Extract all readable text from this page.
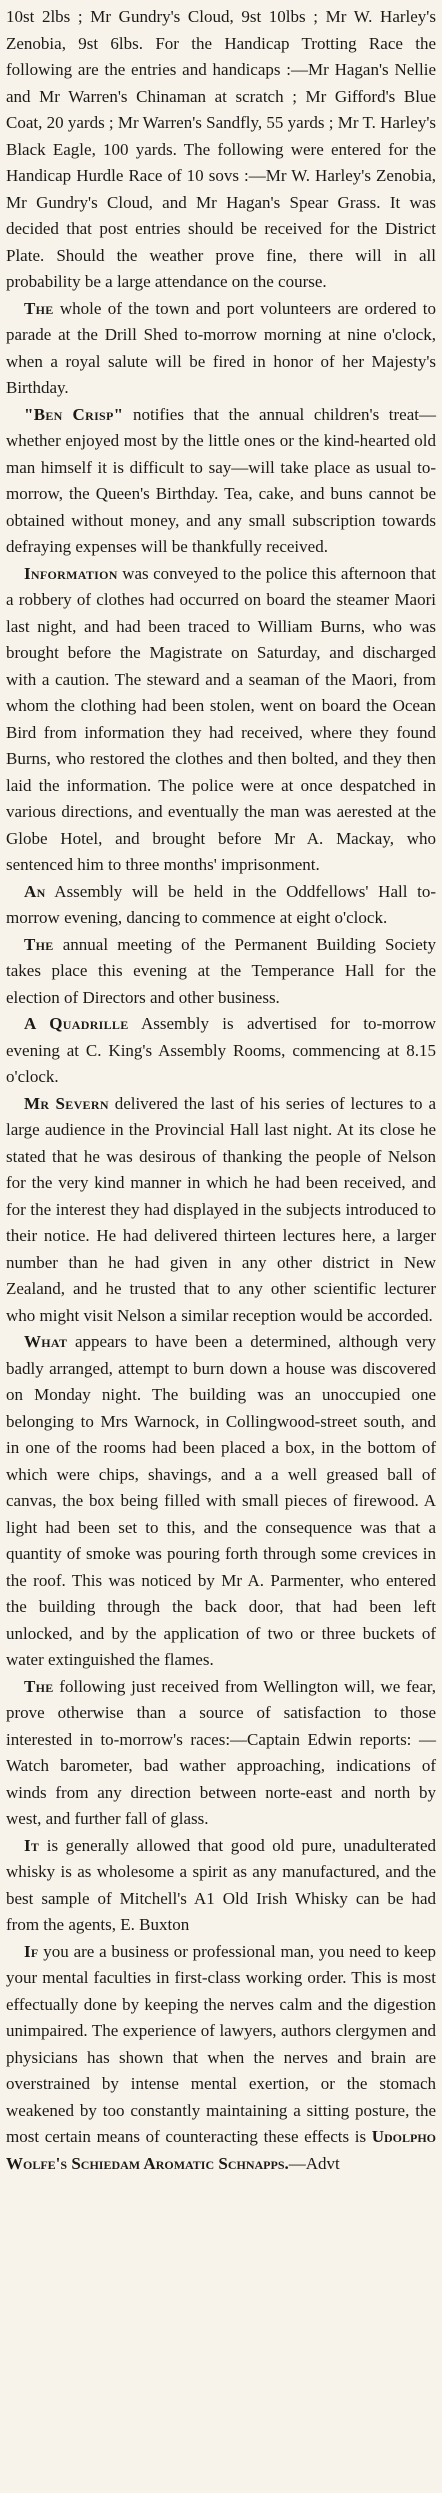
10st 2lbs ; Mr Gundry's Cloud, 9st 10lbs ; Mr W. Harley's Zenobia, 9st 6lbs. For the Handicap Trotting Race the following are the entries and handicaps :—Mr Hagan's Nellie and Mr Warren's Chinaman at scratch ; Mr Gifford's Blue Coat, 20 yards ; Mr Warren's Sandfly, 55 yards ; Mr T. Harley's Black Eagle, 100 yards. The following were entered for the Handicap Hurdle Race of 10 sovs :—Mr W. Harley's Zenobia, Mr Gundry's Cloud, and Mr Hagan's Spear Grass. It was decided that post entries should be received for the District Plate. Should the weather prove fine, there will in all probability be a large attendance on the course.

The whole of the town and port volunteers are ordered to parade at the Drill Shed to-morrow morning at nine o'clock, when a royal salute will be fired in honor of her Majesty's Birthday.

"Ben Crisp" notifies that the annual children's treat—whether enjoyed most by the little ones or the kind-hearted old man himself it is difficult to say—will take place as usual to-morrow, the Queen's Birthday. Tea, cake, and buns cannot be obtained without money, and any small subscription towards defraying expenses will be thankfully received.

Information was conveyed to the police this afternoon that a robbery of clothes had occurred on board the steamer Maori last night, and had been traced to William Burns, who was brought before the Magistrate on Saturday, and discharged with a caution. The steward and a seaman of the Maori, from whom the clothing had been stolen, went on board the Ocean Bird from information they had received, where they found Burns, who restored the clothes and then bolted, and they then laid the information. The police were at once despatched in various directions, and eventually the man was aerested at the Globe Hotel, and brought before Mr A. Mackay, who sentenced him to three months' imprisonment.

An Assembly will be held in the Oddfellows' Hall to-morrow evening, dancing to commence at eight o'clock.

The annual meeting of the Permanent Building Society takes place this evening at the Temperance Hall for the election of Directors and other business.

A Quadrille Assembly is advertised for to-morrow evening at C. King's Assembly Rooms, commencing at 8.15 o'clock.

Mr Severn delivered the last of his series of lectures to a large audience in the Provincial Hall last night. At its close he stated that he was desirous of thanking the people of Nelson for the very kind manner in which he had been received, and for the interest they had displayed in the subjects introduced to their notice. He had delivered thirteen lectures here, a larger number than he had given in any other district in New Zealand, and he trusted that to any other scientific lecturer who might visit Nelson a similar reception would be accorded.

What appears to have been a determined, although very badly arranged, attempt to burn down a house was discovered on Monday night. The building was an unoccupied one belonging to Mrs Warnock, in Collingwood-street south, and in one of the rooms had been placed a box, in the bottom of which were chips, shavings, and a a well greased ball of canvas, the box being filled with small pieces of firewood. A light had been set to this, and the consequence was that a quantity of smoke was pouring forth through some crevices in the roof. This was noticed by Mr A. Parmenter, who entered the building through the back door, that had been left unlocked, and by the application of two or three buckets of water extinguished the flames.

The following just received from Wellington will, we fear, prove otherwise than a source of satisfaction to those interested in to-morrow's races:—Captain Edwin reports: —Watch barometer, bad wather approaching, indications of winds from any direction between norte-east and north by west, and further fall of glass.

It is generally allowed that good old pure, unadulterated whisky is as wholesome a spirit as any manufactured, and the best sample of Mitchell's A1 Old Irish Whisky can be had from the agents, E. Buxton

If you are a business or professional man, you need to keep your mental faculties in first-class working order. This is most effectually done by keeping the nerves calm and the digestion unimpaired. The experience of lawyers, authors clergymen and physicians has shown that when the nerves and brain are overstrained by intense mental exertion, or the stomach weakened by too constantly maintaining a sitting posture, the most certain means of counteracting these effects is Udolpho Wolfe's Schiedam Aromatic Schnapps.—Advt
